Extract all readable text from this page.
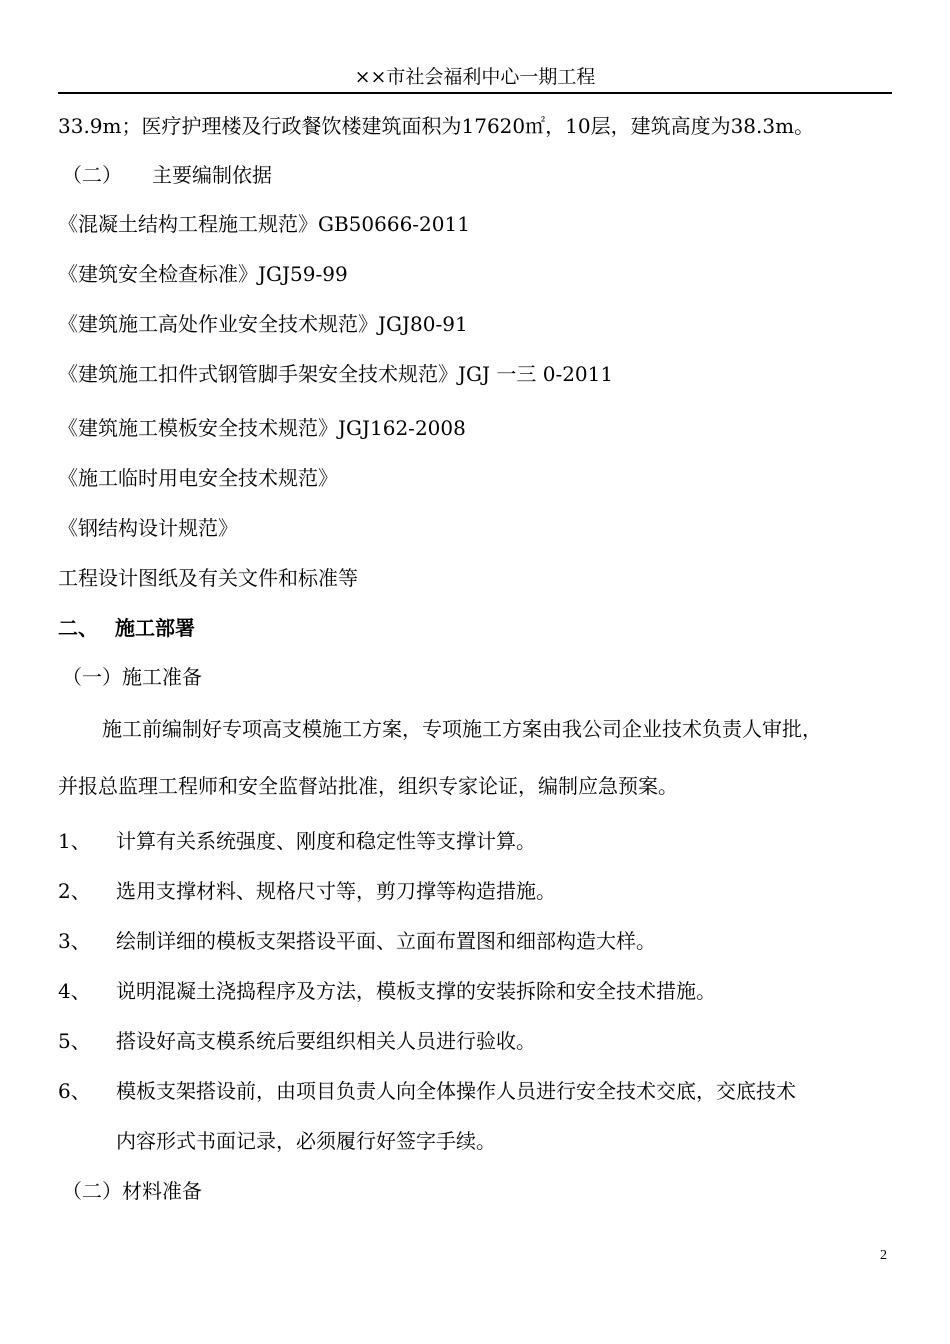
××市社会福利中心一期工程
33.9m；医疗护理楼及行政餐饮楼建筑面积为17620㎡，10层，建筑高度为38.3m。
（二）　　主要编制依据
《混凝土结构工程施工规范》GB50666-2011
《建筑安全检查标准》JGJ59-99
《建筑施工高处作业安全技术规范》JGJ80-91
《建筑施工扣件式钢管脚手架安全技术规范》JGJ 一三 0-2011
《建筑施工模板安全技术规范》JGJ162-2008
《施工临时用电安全技术规范》
《钢结构设计规范》
工程设计图纸及有关文件和标准等
二、　 施工部署
（一）施工准备
施工前编制好专项高支模施工方案，专项施工方案由我公司企业技术负责人审批，
并报总监理工程师和安全监督站批准，组织专家论证，编制应急预案。
1、 计算有关系统强度、刚度和稳定性等支撑计算。
2、 选用支撑材料、规格尺寸等，剪刀撑等构造措施。
3、 绘制详细的模板支架搭设平面、立面布置图和细部构造大样。
4、 说明混凝土浇捣程序及方法，模板支撑的安装拆除和安全技术措施。
5、 搭设好高支模系统后要组织相关人员进行验收。
6、 模板支架搭设前，由项目负责人向全体操作人员进行安全技术交底，交底技术
内容形式书面记录，必须履行好签字手续。
（二）材料准备
2
